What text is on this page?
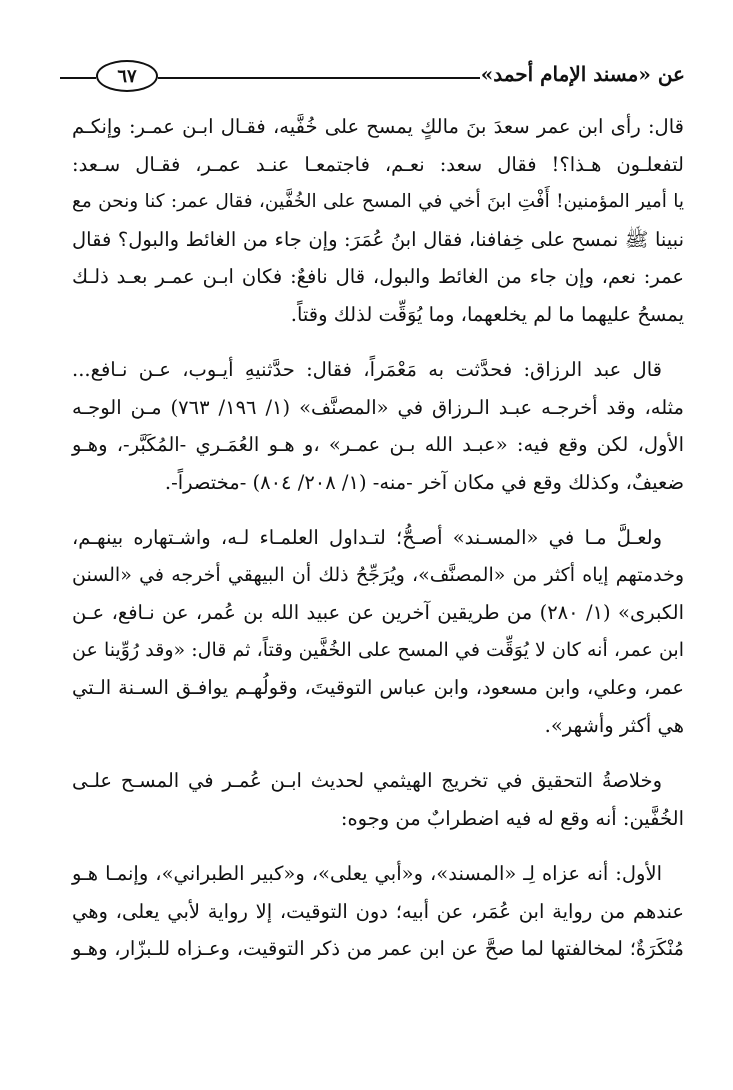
عن «مسند الإمام أحمد»
٦٧

قال: رأى ابن عمر سعدَ بنَ مالكٍ يمسح على خُفَّيه، فقـال ابـن عمـر: وإنكـم
لتفعلـون هـذا؟! فقال سعد: نعـم، فاجتمعـا عنـد عمـر، فقـال سـعد:
يا أمير المؤمنين! أَفْتِ ابنَ أخي في المسح على الخُفَّين، فقال عمر: كنا ونحن مع
نبينا ﷺ نمسح على خِفافنا، فقال ابنُ عُمَرَ: وإن جاء من الغائط والبول؟ فقال
عمر: نعم، وإن جاء من الغائط والبول، قال نافعٌ: فكان ابـن عمـر بعـد ذلـك
يمسحُ عليهما ما لم يخلعهما، وما يُوَقِّت لذلك وقتاً.

قال عبد الرزاق: فحدَّثت به مَعْمَراً، فقال: حدَّثنيهِ أيـوب، عـن نـافع...
مثله، وقد أخرجـه عبـد الـرزاق في «المصنَّف» (١/ ١٩٦/ ٧٦٣) مـن الوجـه
الأول، لكن وقع فيه: «عبـد الله بـن عمـر» ،و هـو العُمَـري -المُكَبَّر-، وهـو
ضعيفٌ، وكذلك وقع في مكان آخر -منه- (١/ ٢٠٨/ ٨٠٤) -مختصراً-.

ولعـلَّ مـا في «المسـند» أصـحُّ؛ لتـداول العلمـاء لـه، واشـتهاره بينهـم،
وخدمتهم إياه أكثر من «المصنَّف»، ويُرَجِّحُ ذلك أن البيهقي أخرجه في «السنن
الكبرى» (١/ ٢٨٠) من طريقين آخرين عن عبيد الله بن عُمر، عن نـافع، عـن
ابن عمر، أنه كان لا يُوَقِّت في المسح على الخُفَّين وقتاً، ثم قال: «وقد رُوِّينا عن
عمر، وعلي، وابن مسعود، وابن عباس التوقيتَ، وقولُهـم يوافـق السـنة الـتي
هي أكثر وأشهر».

وخلاصةُ التحقيق في تخريج الهيثمي لحديث ابـن عُمـر في المسـح علـى
الخُفَّين: أنه وقع له فيه اضطرابٌ من وجوه:

الأول: أنه عزاه لِـ «المسند»، و«أبي يعلى»، و«كبير الطبراني»، وإنمـا هـو
عندهم من رواية ابن عُمَر، عن أبيه؛ دون التوقيت، إلا رواية لأبي يعلى، وهي
مُنْكَرَةٌ؛ لمخالفتها لما صحَّ عن ابن عمر من ذكر التوقيت، وعـزاه للـبزّار، وهـو
